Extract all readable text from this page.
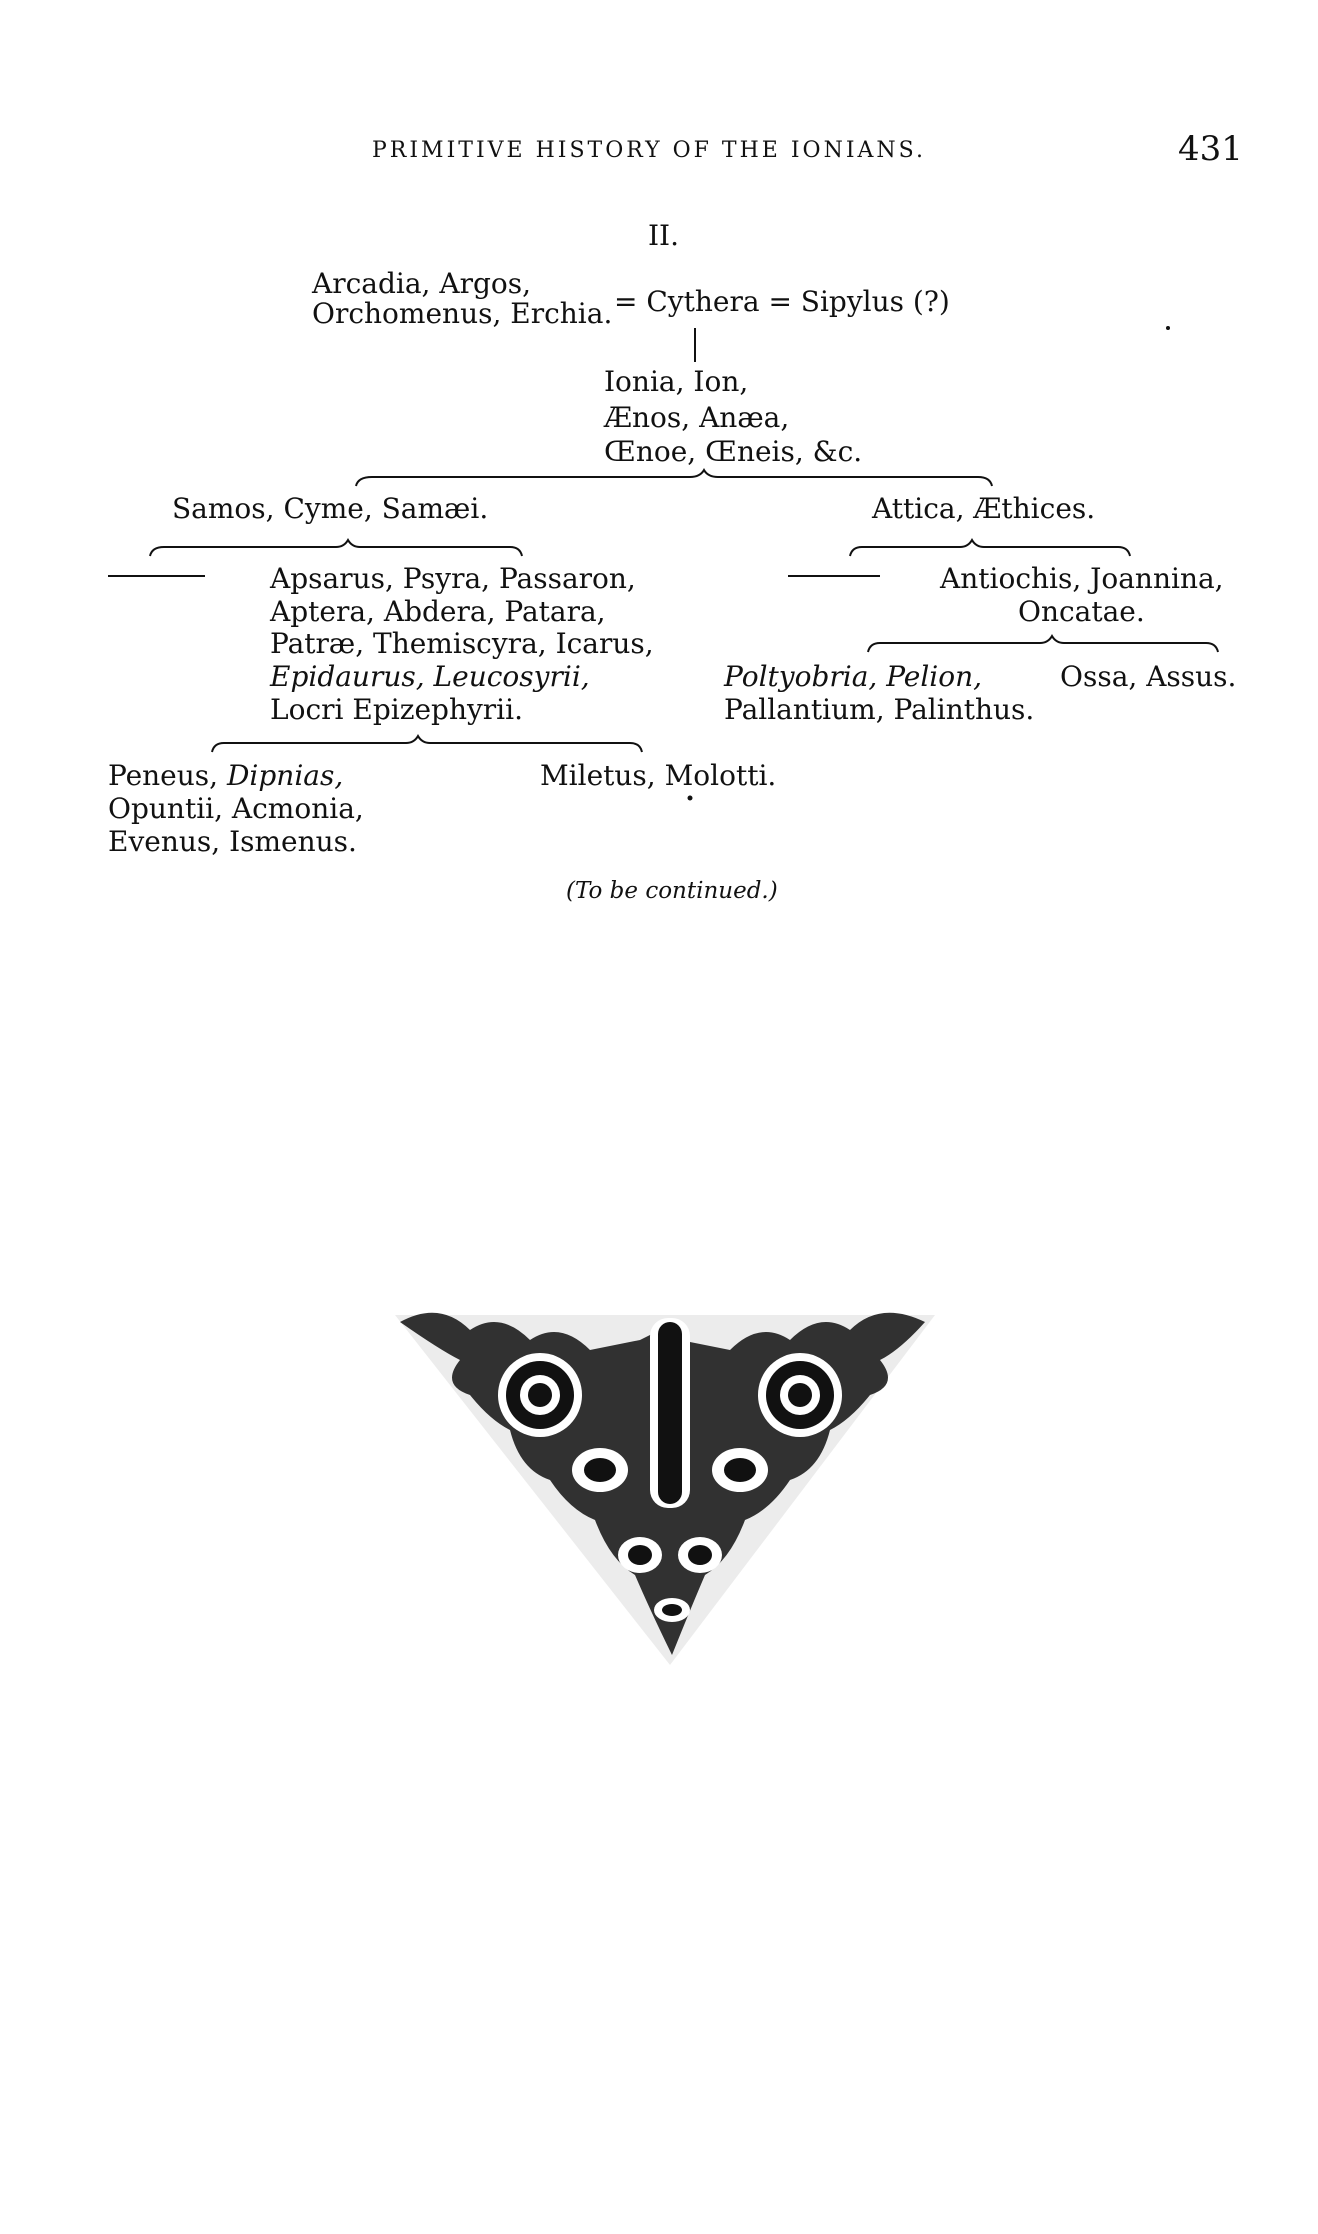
PRIMITIVE HISTORY OF THE IONIANS.	431
II.
Arcadia, Argos,
Orchomenus, Erchia. = Cythera = Sipylus (?)
Ionia, Ion,
Ænos, Anæa,
Œnoe, Œneis, &c.
Samos, Cyme, Samæi.	Attica, Æthices.
Apsarus, Psyra, Passaron,
Aptera, Abdera, Patara,
Patræ, Themiscyra, Icarus,
Epidaurus, Leucosyrii,
Locri Epizephyrii.
Antiochis, Joannina,
Oncatae.
Poltyobria, Pelion,
Pallantium, Palinthus.
Ossa, Assus.
Peneus, Dipnias,
Opuntii, Acmonia,
Evenus, Ismenus.
Miletus, Molotti.
(To be continued.)
